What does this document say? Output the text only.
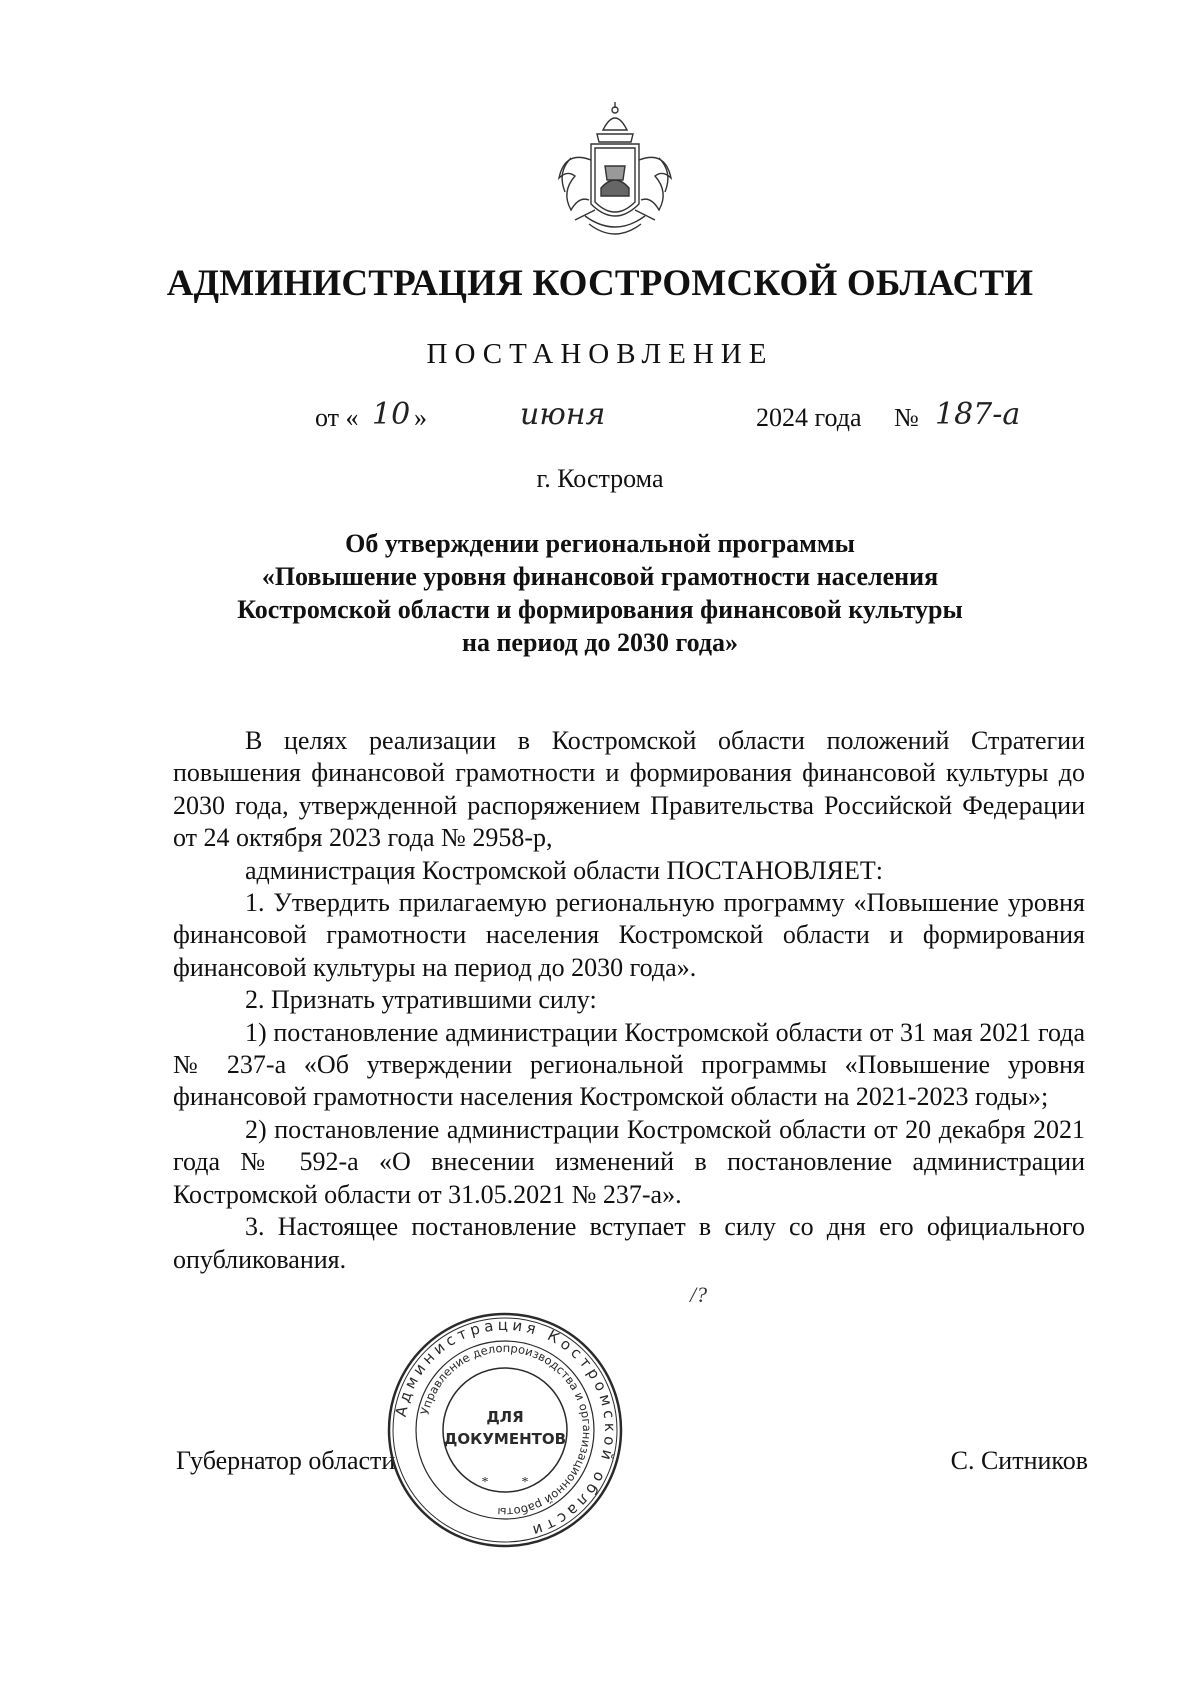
АДМИНИСТРАЦИЯ КОСТРОМСКОЙ ОБЛАСТИ
ПОСТАНОВЛЕНИЕ
от « 10 »	июня	2024 года № 187-а
г. Кострома
Об утверждении региональной программы
«Повышение уровня финансовой грамотности населения
Костромской области и формирования финансовой культуры
на период до 2030 года»

В целях реализации в Костромской области положений Стратегии повышения финансовой грамотности и формирования финансовой культуры до 2030 года, утвержденной распоряжением Правительства Российской Федерации от 24 октября 2023 года № 2958-р,

администрация Костромской области ПОСТАНОВЛЯЕТ:

1. Утвердить прилагаемую региональную программу «Повышение уровня финансовой грамотности населения Костромской области и формирования финансовой культуры на период до 2030 года».

2. Признать утратившими силу:

1) постановление администрации Костромской области от 31 мая 2021 года № 237-а «Об утверждении региональной программы «Повышение уровня финансовой грамотности населения Костромской области на 2021-2023 годы»;

2) постановление администрации Костромской области от 20 декабря 2021 года № 592-а «О внесении изменений в постановление администрации Костромской области от 31.05.2021 № 237-а».

3. Настоящее постановление вступает в силу со дня его официального опубликования.

/?
Губернатор области	С. Ситников
Администрация Костромской области
Управление делопроизводства и организационной работы
ДЛЯ
ДОКУМЕНТОВ
* *
